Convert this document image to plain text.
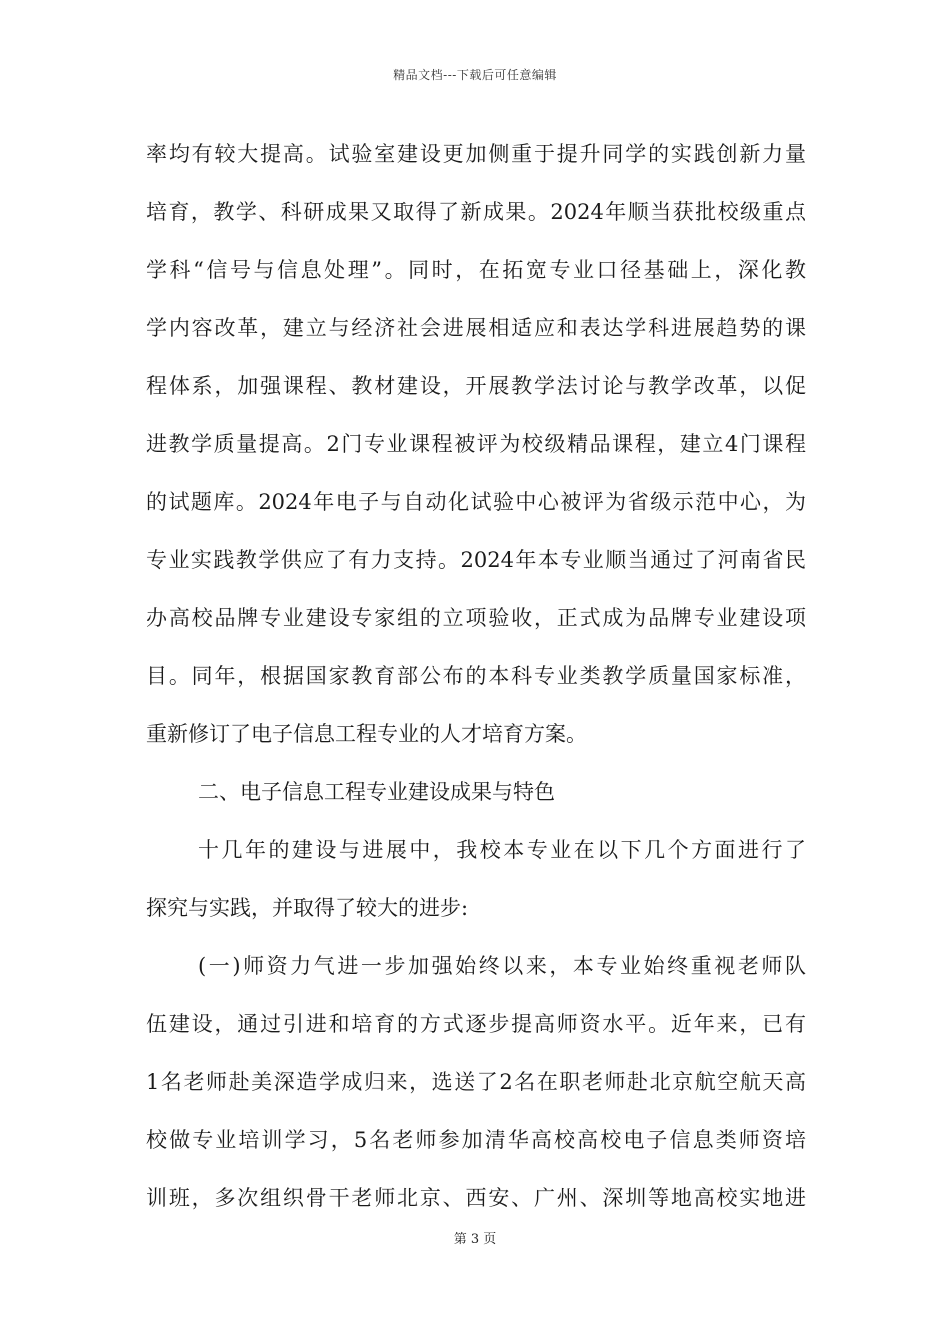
精品文档---下载后可任意编辑
率均有较大提高。试验室建设更加侧重于提升同学的实践创新力量
培育，教学、科研成果又取得了新成果。2024年顺当获批校级重点
学科“信号与信息处理”。同时，在拓宽专业口径基础上，深化教
学内容改革，建立与经济社会进展相适应和表达学科进展趋势的课
程体系，加强课程、教材建设，开展教学法讨论与教学改革，以促
进教学质量提高。2门专业课程被评为校级精品课程，建立4门课程
的试题库。2024年电子与自动化试验中心被评为省级示范中心，为
专业实践教学供应了有力支持。2024年本专业顺当通过了河南省民
办高校品牌专业建设专家组的立项验收，正式成为品牌专业建设项
目。同年，根据国家教育部公布的本科专业类教学质量国家标准，
重新修订了电子信息工程专业的人才培育方案。
二、电子信息工程专业建设成果与特色
十几年的建设与进展中，我校本专业在以下几个方面进行了
探究与实践，并取得了较大的进步:
(一)师资力气进一步加强始终以来，本专业始终重视老师队
伍建设，通过引进和培育的方式逐步提高师资水平。近年来，已有
1名老师赴美深造学成归来，选送了2名在职老师赴北京航空航天高
校做专业培训学习，5名老师参加清华高校高校电子信息类师资培
训班，多次组织骨干老师北京、西安、广州、深圳等地高校实地进
第 3 页
